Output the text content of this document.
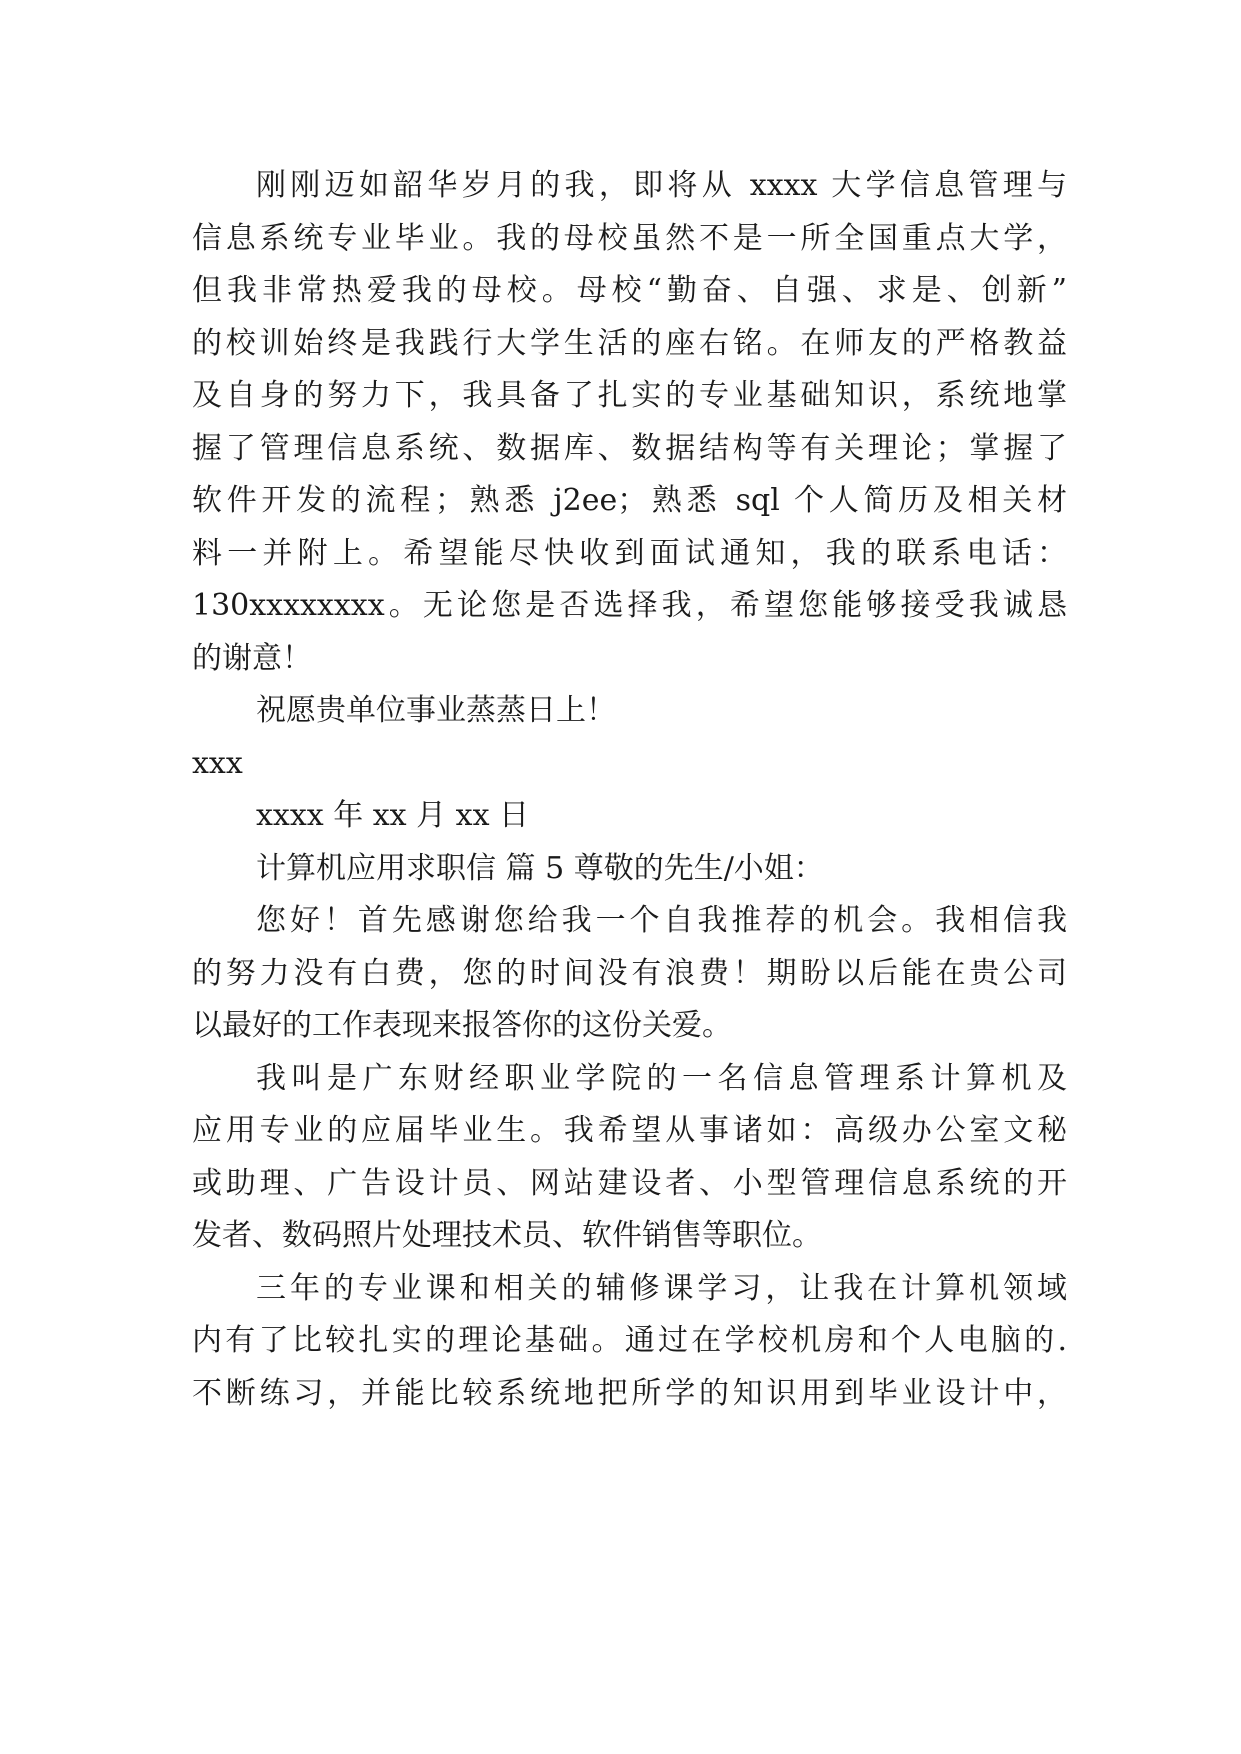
刚刚迈如韶华岁月的我，即将从 xxxx 大学信息管理与
信息系统专业毕业。我的母校虽然不是一所全国重点大学，
但我非常热爱我的母校。母校“勤奋、自强、求是、创新”
的校训始终是我践行大学生活的座右铭。在师友的严格教益
及自身的努力下，我具备了扎实的专业基础知识，系统地掌
握了管理信息系统、数据库、数据结构等有关理论；掌握了
软件开发的流程；熟悉 j2ee；熟悉 sql 个人简历及相关材
料一并附上。希望能尽快收到面试通知，我的联系电话：
130xxxxxxxx。无论您是否选择我，希望您能够接受我诚恳
的谢意！
祝愿贵单位事业蒸蒸日上！
xxx
xxxx 年 xx 月 xx 日
计算机应用求职信 篇 5 尊敬的先生/小姐：
您好！首先感谢您给我一个自我推荐的机会。我相信我
的努力没有白费，您的时间没有浪费！期盼以后能在贵公司
以最好的工作表现来报答你的这份关爱。
我叫是广东财经职业学院的一名信息管理系计算机及
应用专业的应届毕业生。我希望从事诸如：高级办公室文秘
或助理、广告设计员、网站建设者、小型管理信息系统的开
发者、数码照片处理技术员、软件销售等职位。
三年的专业课和相关的辅修课学习，让我在计算机领域
内有了比较扎实的理论基础。通过在学校机房和个人电脑的.
不断练习，并能比较系统地把所学的知识用到毕业设计中，
